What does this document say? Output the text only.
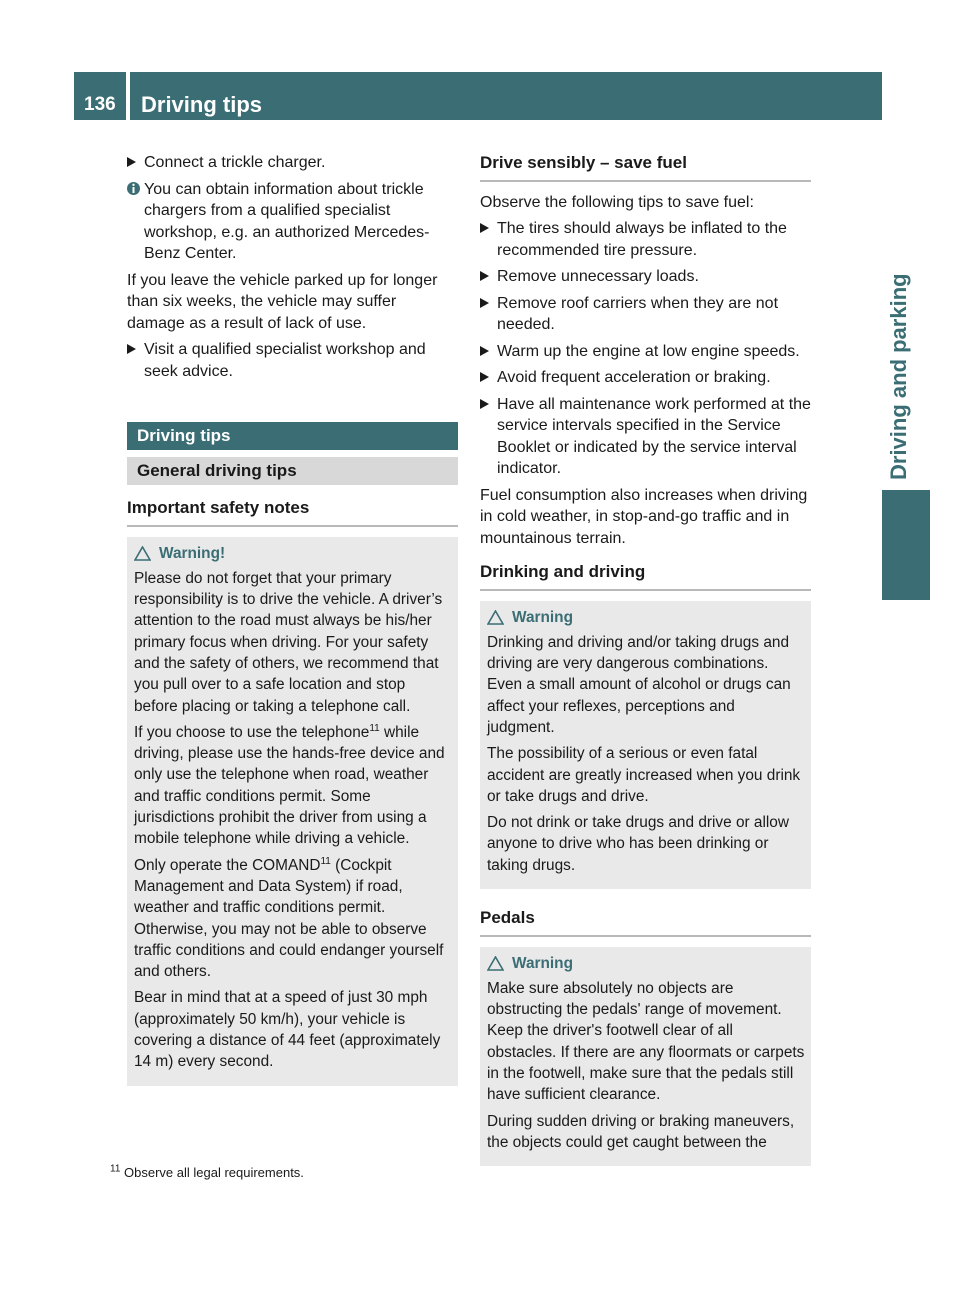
136	Driving tips
Driving and parking
Connect a trickle charger.
You can obtain information about trickle chargers from a qualified specialist workshop, e.g. an authorized Mercedes-Benz Center.

If you leave the vehicle parked up for longer than six weeks, the vehicle may suffer damage as a result of lack of use.

Visit a qualified specialist workshop and seek advice.
Driving tips
General driving tips
Important safety notes
Warning!

Please do not forget that your primary responsibility is to drive the vehicle. A driver’s attention to the road must always be his/her primary focus when driving. For your safety and the safety of others, we recommend that you pull over to a safe location and stop before placing or taking a telephone call.

If you choose to use the telephone$^{11}$ while driving, please use the hands-free device and only use the telephone when road, weather and traffic conditions permit. Some jurisdictions prohibit the driver from using a mobile telephone while driving a vehicle.

Only operate the COMAND$^{11}$ (Cockpit Management and Data System) if road, weather and traffic conditions permit. Otherwise, you may not be able to observe traffic conditions and could endanger yourself and others.

Bear in mind that at a speed of just 30 mph (approximately 50 km/h), your vehicle is covering a distance of 44 feet (approximately 14 m) every second.

Drive sensibly – save fuel

Observe the following tips to save fuel:

The tires should always be inflated to the recommended tire pressure.
Remove unnecessary loads.
Remove roof carriers when they are not needed.
Warm up the engine at low engine speeds.
Avoid frequent acceleration or braking.
Have all maintenance work performed at the service intervals specified in the Service Booklet or indicated by the service interval indicator.

Fuel consumption also increases when driving in cold weather, in stop-and-go traffic and in mountainous terrain.

Drinking and driving
Warning

Drinking and driving and/or taking drugs and driving are very dangerous combinations. Even a small amount of alcohol or drugs can affect your reflexes, perceptions and judgment.

The possibility of a serious or even fatal accident are greatly increased when you drink or take drugs and drive.

Do not drink or take drugs and drive or allow anyone to drive who has been drinking or taking drugs.

Pedals
Warning

Make sure absolutely no objects are obstructing the pedals' range of movement. Keep the driver's footwell clear of all obstacles. If there are any floormats or carpets in the footwell, make sure that the pedals still have sufficient clearance.

During sudden driving or braking maneuvers, the objects could get caught between the

$^{11}$ Observe all legal requirements.
